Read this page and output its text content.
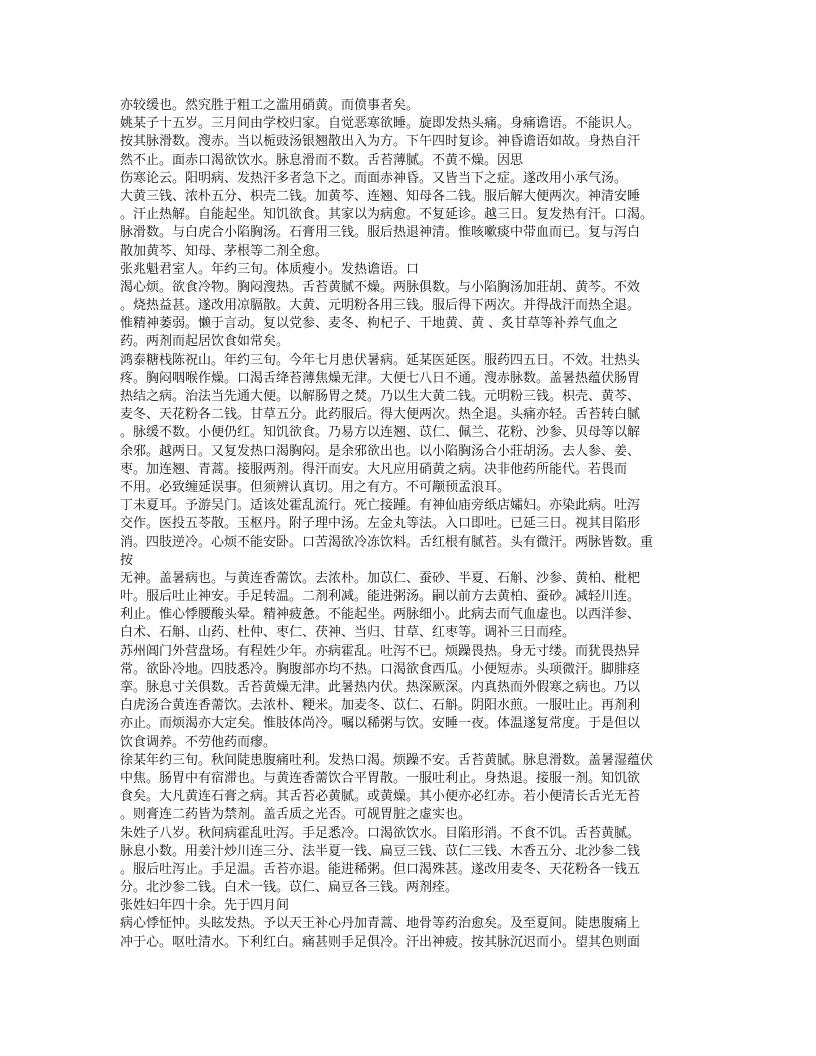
亦较缓也。然究胜于粗工之滥用硝黄。而偾事者矣。
姚某子十五岁。三月间由学校归家。自觉恶寒欲睡。旋即发热头痛。身痛谵语。不能识人。
按其脉滑数。溲赤。当以栀豉汤银翘散出入为方。下午四时复诊。神昏谵语如故。身热自汗
然不止。面赤口渴欲饮水。脉息滑而不数。舌苔薄腻。不黄不燥。因思
伤寒论云。阳明病、发热汗多者急下之。而面赤神昏。又皆当下之症。遂改用小承气汤。
大黄三钱、浓朴五分、枳壳二钱。加黄芩、连翘、知母各二钱。服后解大便两次。神清安睡
。汗止热解。自能起坐。知饥欲食。其家以为病愈。不复延诊。越三日。复发热有汗。口渴。
脉滑数。与白虎合小陷胸汤。石膏用三钱。服后热退神清。惟咳嗽痰中带血而已。复与泻白
散加黄芩、知母、茅根等二剂全愈。
张兆魁君室人。年约三旬。体质瘦小。发热谵语。口
渴心烦。欲食冷物。胸闷溲热。舌苔黄腻不燥。两脉俱数。与小陷胸汤加莊胡、黄芩。不效
。烧热益甚。遂改用凉膈散。大黄、元明粉各用三钱。服后得下两次。并得战汗而热全退。
惟精神萎弱。懒于言动。复以党参、麦冬、枸杞子、干地黄、黄 、炙甘草等补养气血之
药。两剂而起居饮食如常矣。
鸿泰糖栈陈祝山。年约三旬。今年七月患伏暑病。延某医延医。服药四五日。不效。壮热头
疼。胸闷咽喉作燥。口渴舌绛苔薄焦燥无津。大便七八日不通。溲赤脉数。盖暑热蕴伏肠胃
热结之病。治法当先通大便。以解肠胃之焚。乃以生大黄二钱。元明粉三钱。枳壳、黄芩、
麦冬、天花粉各二钱。甘草五分。此药服后。得大便两次。热全退。头痛亦轻。舌苔转白腻
。脉缓不数。小便仍红。知饥欲食。乃易方以连翘、苡仁、佩兰、花粉、沙参、贝母等以解
余邪。越两日。又复发热口渴胸闷。是余邪欲出也。以小陷胸汤合小莊胡汤。去人参、姜、
枣。加连翘、青蒿。接服两剂。得汗而安。大凡应用硝黄之病。决非他药所能代。若畏而
不用。必致缠延误事。但须辨认真切。用之有方。不可颟顸孟浪耳。
丁未夏耳。予游吴门。适该处霍乱流行。死亡接踵。有神仙庙旁纸店孀妇。亦染此病。吐泻
交作。医投五苓散。玉枢丹。附子理中汤。左金丸等法。入口即吐。已延三日。视其目陷形
消。四肢逆冷。心烦不能安卧。口苦渴欲冷冻饮料。舌红根有腻苔。头有微汗。两脉皆数。重
按
无神。盖暑病也。与黄连香薷饮。去浓朴。加苡仁、蚕砂、半夏、石斛、沙参、黄柏、枇杷
叶。服后吐止神安。手足转温。二剂利减。能进粥汤。嗣以前方去黄柏、蚕砂。减轻川连。
利止。惟心悸腰酸头晕。精神疲惫。不能起坐。两脉细小。此病去而气血虚也。以西洋参、
白术、石斛、山药、杜仲、枣仁、茯神、当归、甘草、红枣等。调补三日而痊。
苏州阊门外营盘场。有程姓少年。亦病霍乱。吐泻不已。烦躁畏热。身无寸缕。而犹畏热异
常。欲卧冷地。四肢悉冷。胸腹部亦均不热。口渴欲食西瓜。小便短赤。头项微汗。脚腓痉
挛。脉息寸关俱数。舌苔黄燥无津。此暑热内伏。热深厥深。内真热而外假寒之病也。乃以
白虎汤合黄连香薷饮。去浓朴、粳米。加麦冬、苡仁、石斛。阴阳水煎。一服吐止。再剂利
亦止。而烦渴亦大定矣。惟肢体尚冷。嘱以稀粥与饮。安睡一夜。体温遂复常度。于是但以
饮食调养。不劳他药而瘳。
徐某年约三旬。秋间陡患腹痛吐利。发热口渴。烦躁不安。舌苔黄腻。脉息滑数。盖暑湿蕴伏
中焦。肠胃中有宿滞也。与黄连香薷饮合平胃散。一服吐利止。身热退。接服一剂。知饥欲
食矣。大凡黄连石膏之病。其舌苔必黄腻。或黄燥。其小便亦必红赤。若小便清长舌光无苔
。则膏连二药皆为禁剂。盖舌质之光否。可觇胃脏之虚实也。
朱姓子八岁。秋间病霍乱吐泻。手足悉冷。口渴欲饮水。目陷形消。不食不饥。舌苔黄腻。
脉息小数。用姜汁炒川连三分、法半夏一钱、扁豆三钱、苡仁三钱、木香五分、北沙参二钱
。服后吐泻止。手足温。舌苔亦退。能进稀粥。但口渴殊甚。遂改用麦冬、天花粉各一钱五
分。北沙参二钱。白术一钱。苡仁、扁豆各三钱。两剂痊。
张姓妇年四十余。先于四月间
病心悸怔忡。头眩发热。予以天王补心丹加青蒿、地骨等药治愈矣。及至夏间。陡患腹痛上
冲于心。呕吐清水。下利红白。痛甚则手足俱冷。汗出神疲。按其脉沉迟而小。望其色则面
